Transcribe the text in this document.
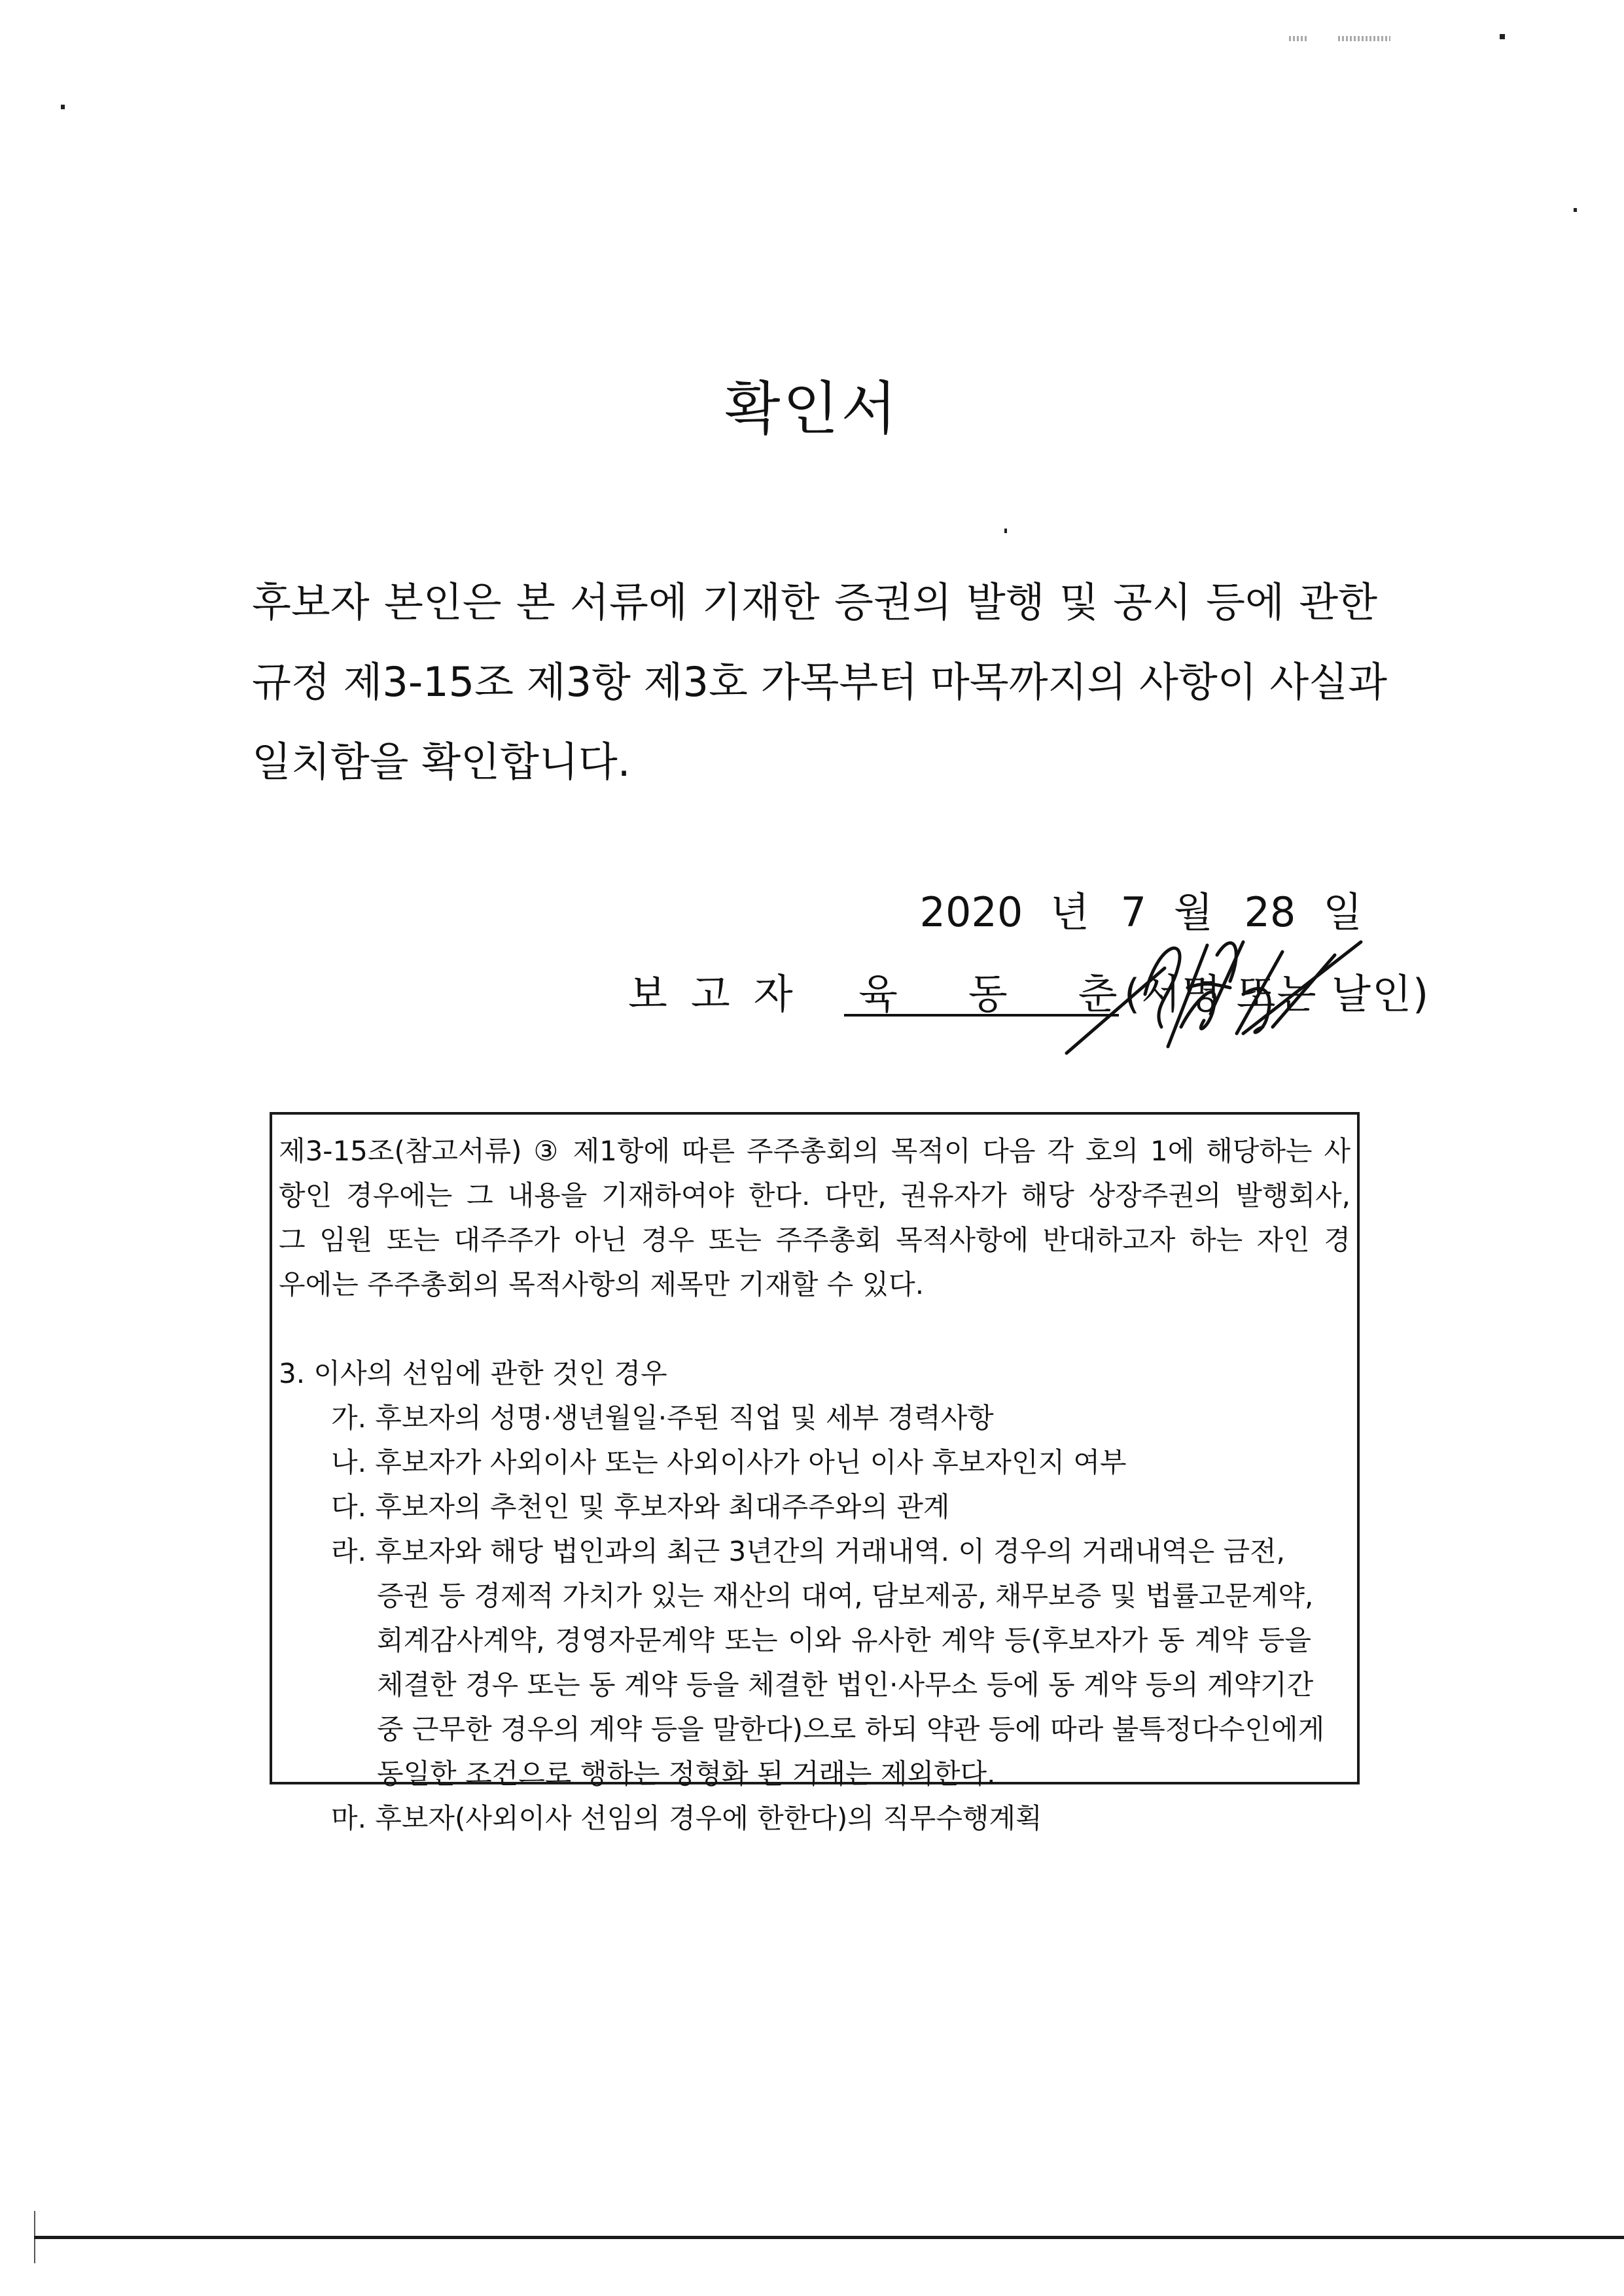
확인서
후보자 본인은 본 서류에 기재한 증권의 발행 및 공시 등에 관한
규정 제3-15조 제3항 제3호 가목부터 마목까지의 사항이 사실과
일치함을 확인합니다.
2020 년 7 월 28 일
보고자 육동춘
(서명 또는 날인)
제3-15조(참고서류) ③ 제1항에 따른 주주총회의 목적이 다음 각 호의 1에 해당하는 사
항인 경우에는 그 내용을 기재하여야 한다. 다만, 권유자가 해당 상장주권의 발행회사,
그 임원 또는 대주주가 아닌 경우 또는 주주총회 목적사항에 반대하고자 하는 자인 경
우에는 주주총회의 목적사항의 제목만 기재할 수 있다.
3. 이사의 선임에 관한 것인 경우
가. 후보자의 성명·생년월일·주된 직업 및 세부 경력사항
나. 후보자가 사외이사 또는 사외이사가 아닌 이사 후보자인지 여부
다. 후보자의 추천인 및 후보자와 최대주주와의 관계
라. 후보자와 해당 법인과의 최근 3년간의 거래내역. 이 경우의 거래내역은 금전,
증권 등 경제적 가치가 있는 재산의 대여, 담보제공, 채무보증 및 법률고문계약,
회계감사계약, 경영자문계약 또는 이와 유사한 계약 등(후보자가 동 계약 등을
체결한 경우 또는 동 계약 등을 체결한 법인·사무소 등에 동 계약 등의 계약기간
중 근무한 경우의 계약 등을 말한다)으로 하되 약관 등에 따라 불특정다수인에게
동일한 조건으로 행하는 정형화 된 거래는 제외한다.
마. 후보자(사외이사 선임의 경우에 한한다)의 직무수행계획
